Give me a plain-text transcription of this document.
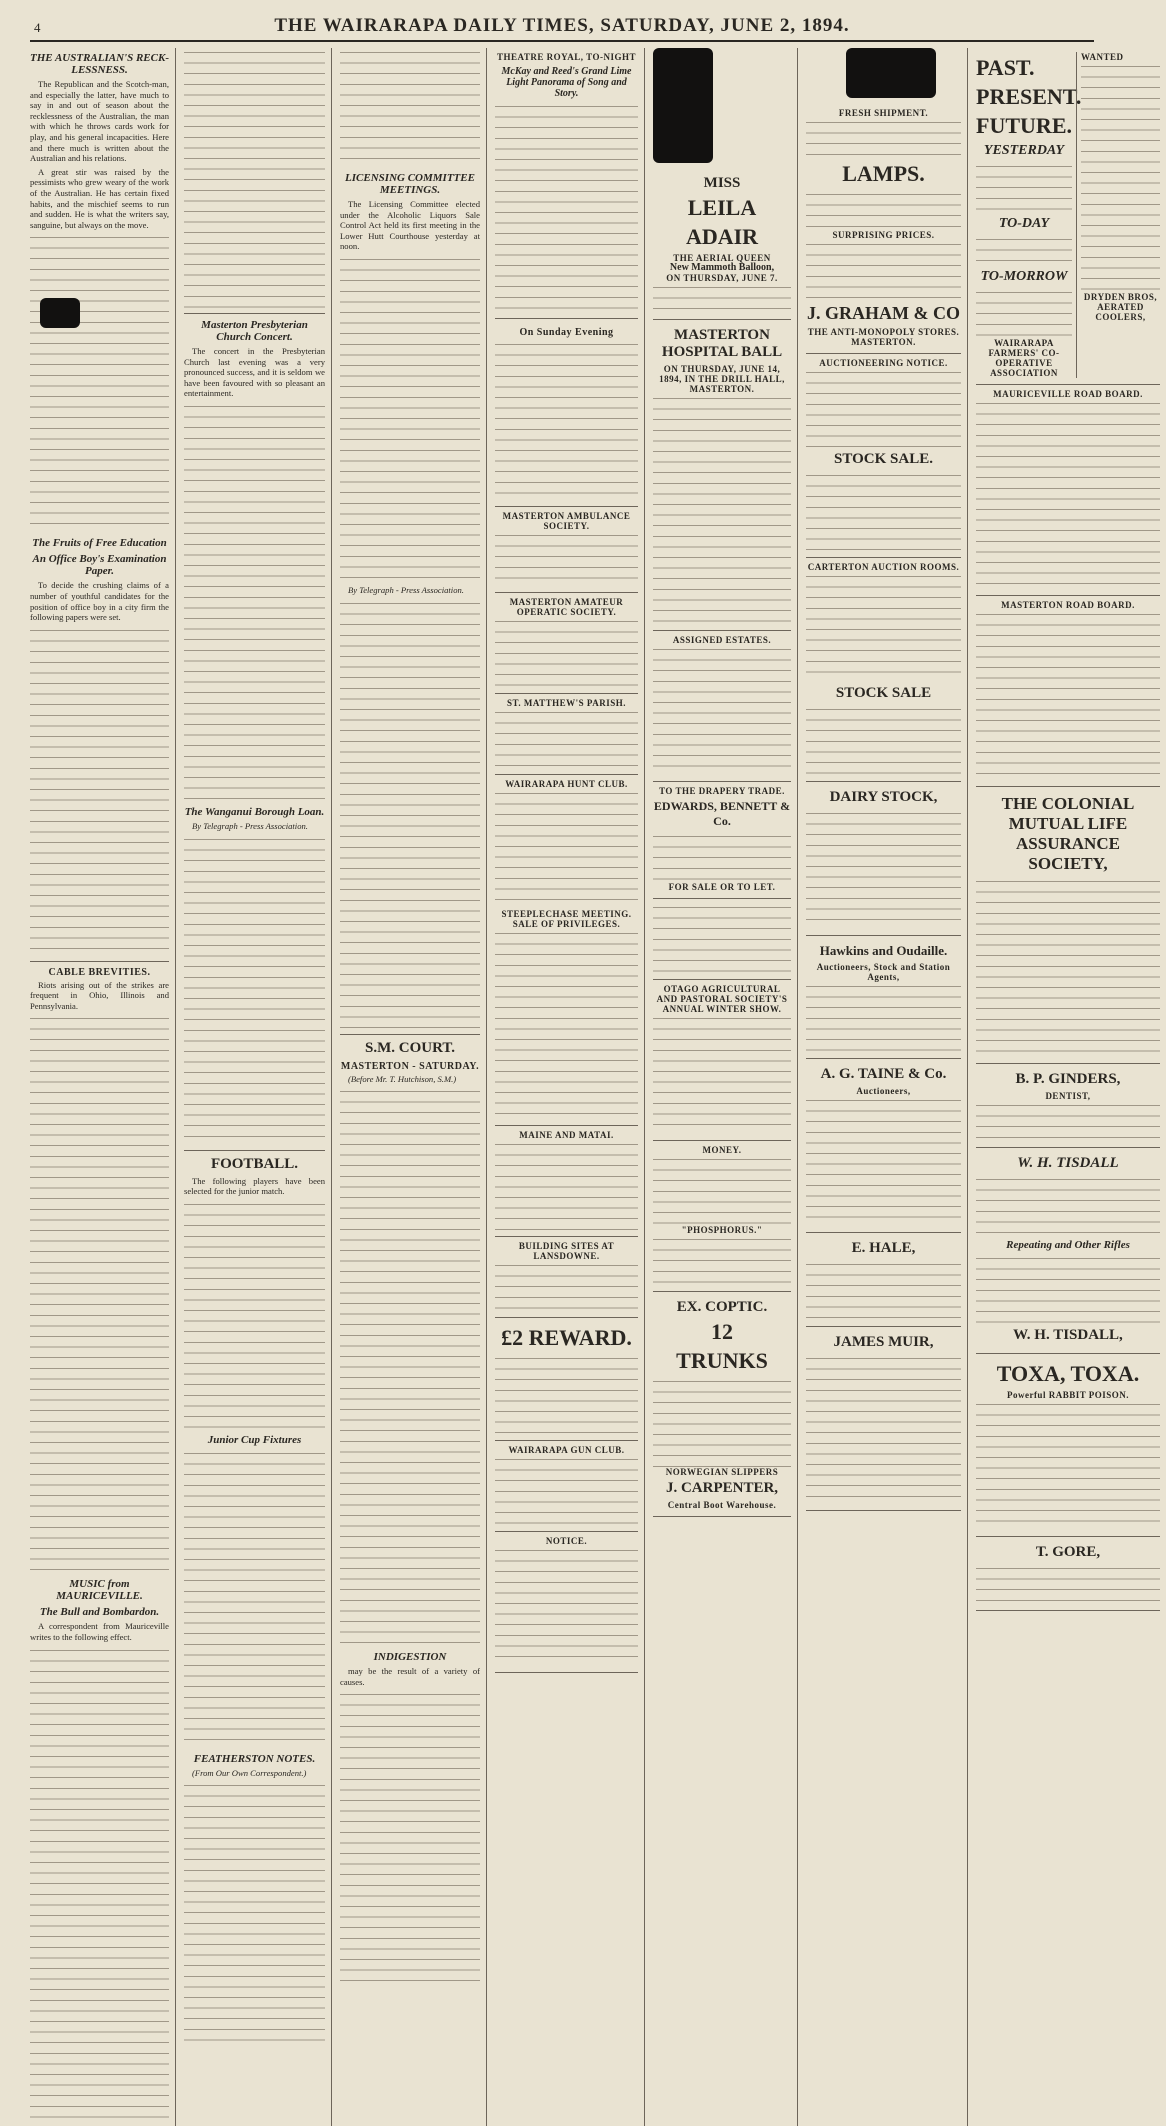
4	THE WAIRARAPA DAILY TIMES, SATURDAY, JUNE 2, 1894.
THE AUSTRALIAN'S RECK-LESSNESS.

The Republican and the Scotch-man, and especially the latter, have much to say in and out of season about the recklessness of the Australian, the man with which he throws cards work for play, and his general incapacities. Here and there much is written about the Australian and his relations.

A great stir was raised by the pessimists who grew weary of the work of the Australian. He has certain fixed habits, and the mischief seems to run and sudden. He is what the writers say, sanguine, but always on the move.

The Fruits of Free Education
An Office Boy's Examination Paper.

To decide the crushing claims of a number of youthful candidates for the position of office boy in a city firm the following papers were set.

CABLE BREVITIES.

Riots arising out of the strikes are frequent in Ohio, Illinois and Pennsylvania.

MUSIC from MAURICEVILLE.
The Bull and Bombardon.

A correspondent from Mauriceville writes to the following effect.

Masterton Presbyterian Church Concert.

The concert in the Presbyterian Church last evening was a very pronounced success, and it is seldom we have been favoured with so pleasant an entertainment.

The Wanganui Borough Loan.

By Telegraph - Press Association.

FOOTBALL.

The following players have been selected for the junior match.

Junior Cup Fixtures
FEATHERSTON NOTES.

(From Our Own Correspondent.)

LICENSING COMMITTEE MEETINGS.

The Licensing Committee elected under the Alcoholic Liquors Sale Control Act held its first meeting in the Lower Hutt Courthouse yesterday at noon.

By Telegraph - Press Association.

S.M. COURT.
MASTERTON - SATURDAY.

(Before Mr. T. Hutchison, S.M.)

INDIGESTION

may be the result of a variety of causes.

THEATRE ROYAL, TO-NIGHT
McKay and Reed's Grand Lime Light Panorama of Song and Story.
On Sunday Evening
MASTERTON AMBULANCE SOCIETY.
MASTERTON AMATEUR OPERATIC SOCIETY.
ST. MATTHEW'S PARISH.
WAIRARAPA HUNT CLUB.
STEEPLECHASE MEETING.
SALE OF PRIVILEGES.
MAINE AND MATAI.
BUILDING SITES AT LANSDOWNE.
£2 REWARD.
WAIRARAPA GUN CLUB.
NOTICE.
MISS
LEILA
ADAIR
THE AERIAL QUEEN
New Mammoth Balloon,
ON THURSDAY, JUNE 7.
MASTERTON HOSPITAL BALL
ON THURSDAY, JUNE 14, 1894, IN THE DRILL HALL, MASTERTON.
ASSIGNED ESTATES.
TO THE DRAPERY TRADE.
EDWARDS, BENNETT & Co.
FOR SALE OR TO LET.
OTAGO AGRICULTURAL AND PASTORAL SOCIETY'S ANNUAL WINTER SHOW.
MONEY.
"PHOSPHORUS."
EX. COPTIC.
12
TRUNKS
NORWEGIAN SLIPPERS
J. CARPENTER,
Central Boot Warehouse.
FRESH SHIPMENT.
LAMPS.
SURPRISING PRICES.
J. GRAHAM & CO
THE ANTI-MONOPOLY STORES.
MASTERTON.
AUCTIONEERING NOTICE.
STOCK SALE.
CARTERTON AUCTION ROOMS.
STOCK SALE
DAIRY STOCK,
Hawkins and Oudaille.
Auctioneers, Stock and Station Agents,
A. G. TAINE & Co.
Auctioneers,
E. HALE,
JAMES MUIR,
PAST.
PRESENT.
FUTURE.
YESTERDAY
TO-DAY
TO-MORROW
WAIRARAPA FARMERS' CO-OPERATIVE ASSOCIATION
WANTED
DRYDEN BROS,
AERATED COOLERS,
MAURICEVILLE ROAD BOARD.
MASTERTON ROAD BOARD.
THE COLONIAL MUTUAL LIFE ASSURANCE SOCIETY,
B. P. GINDERS,
DENTIST,
W. H. TISDALL
Repeating and Other Rifles
W. H. TISDALL,
TOXA, TOXA.
Powerful RABBIT POISON.
T. GORE,
